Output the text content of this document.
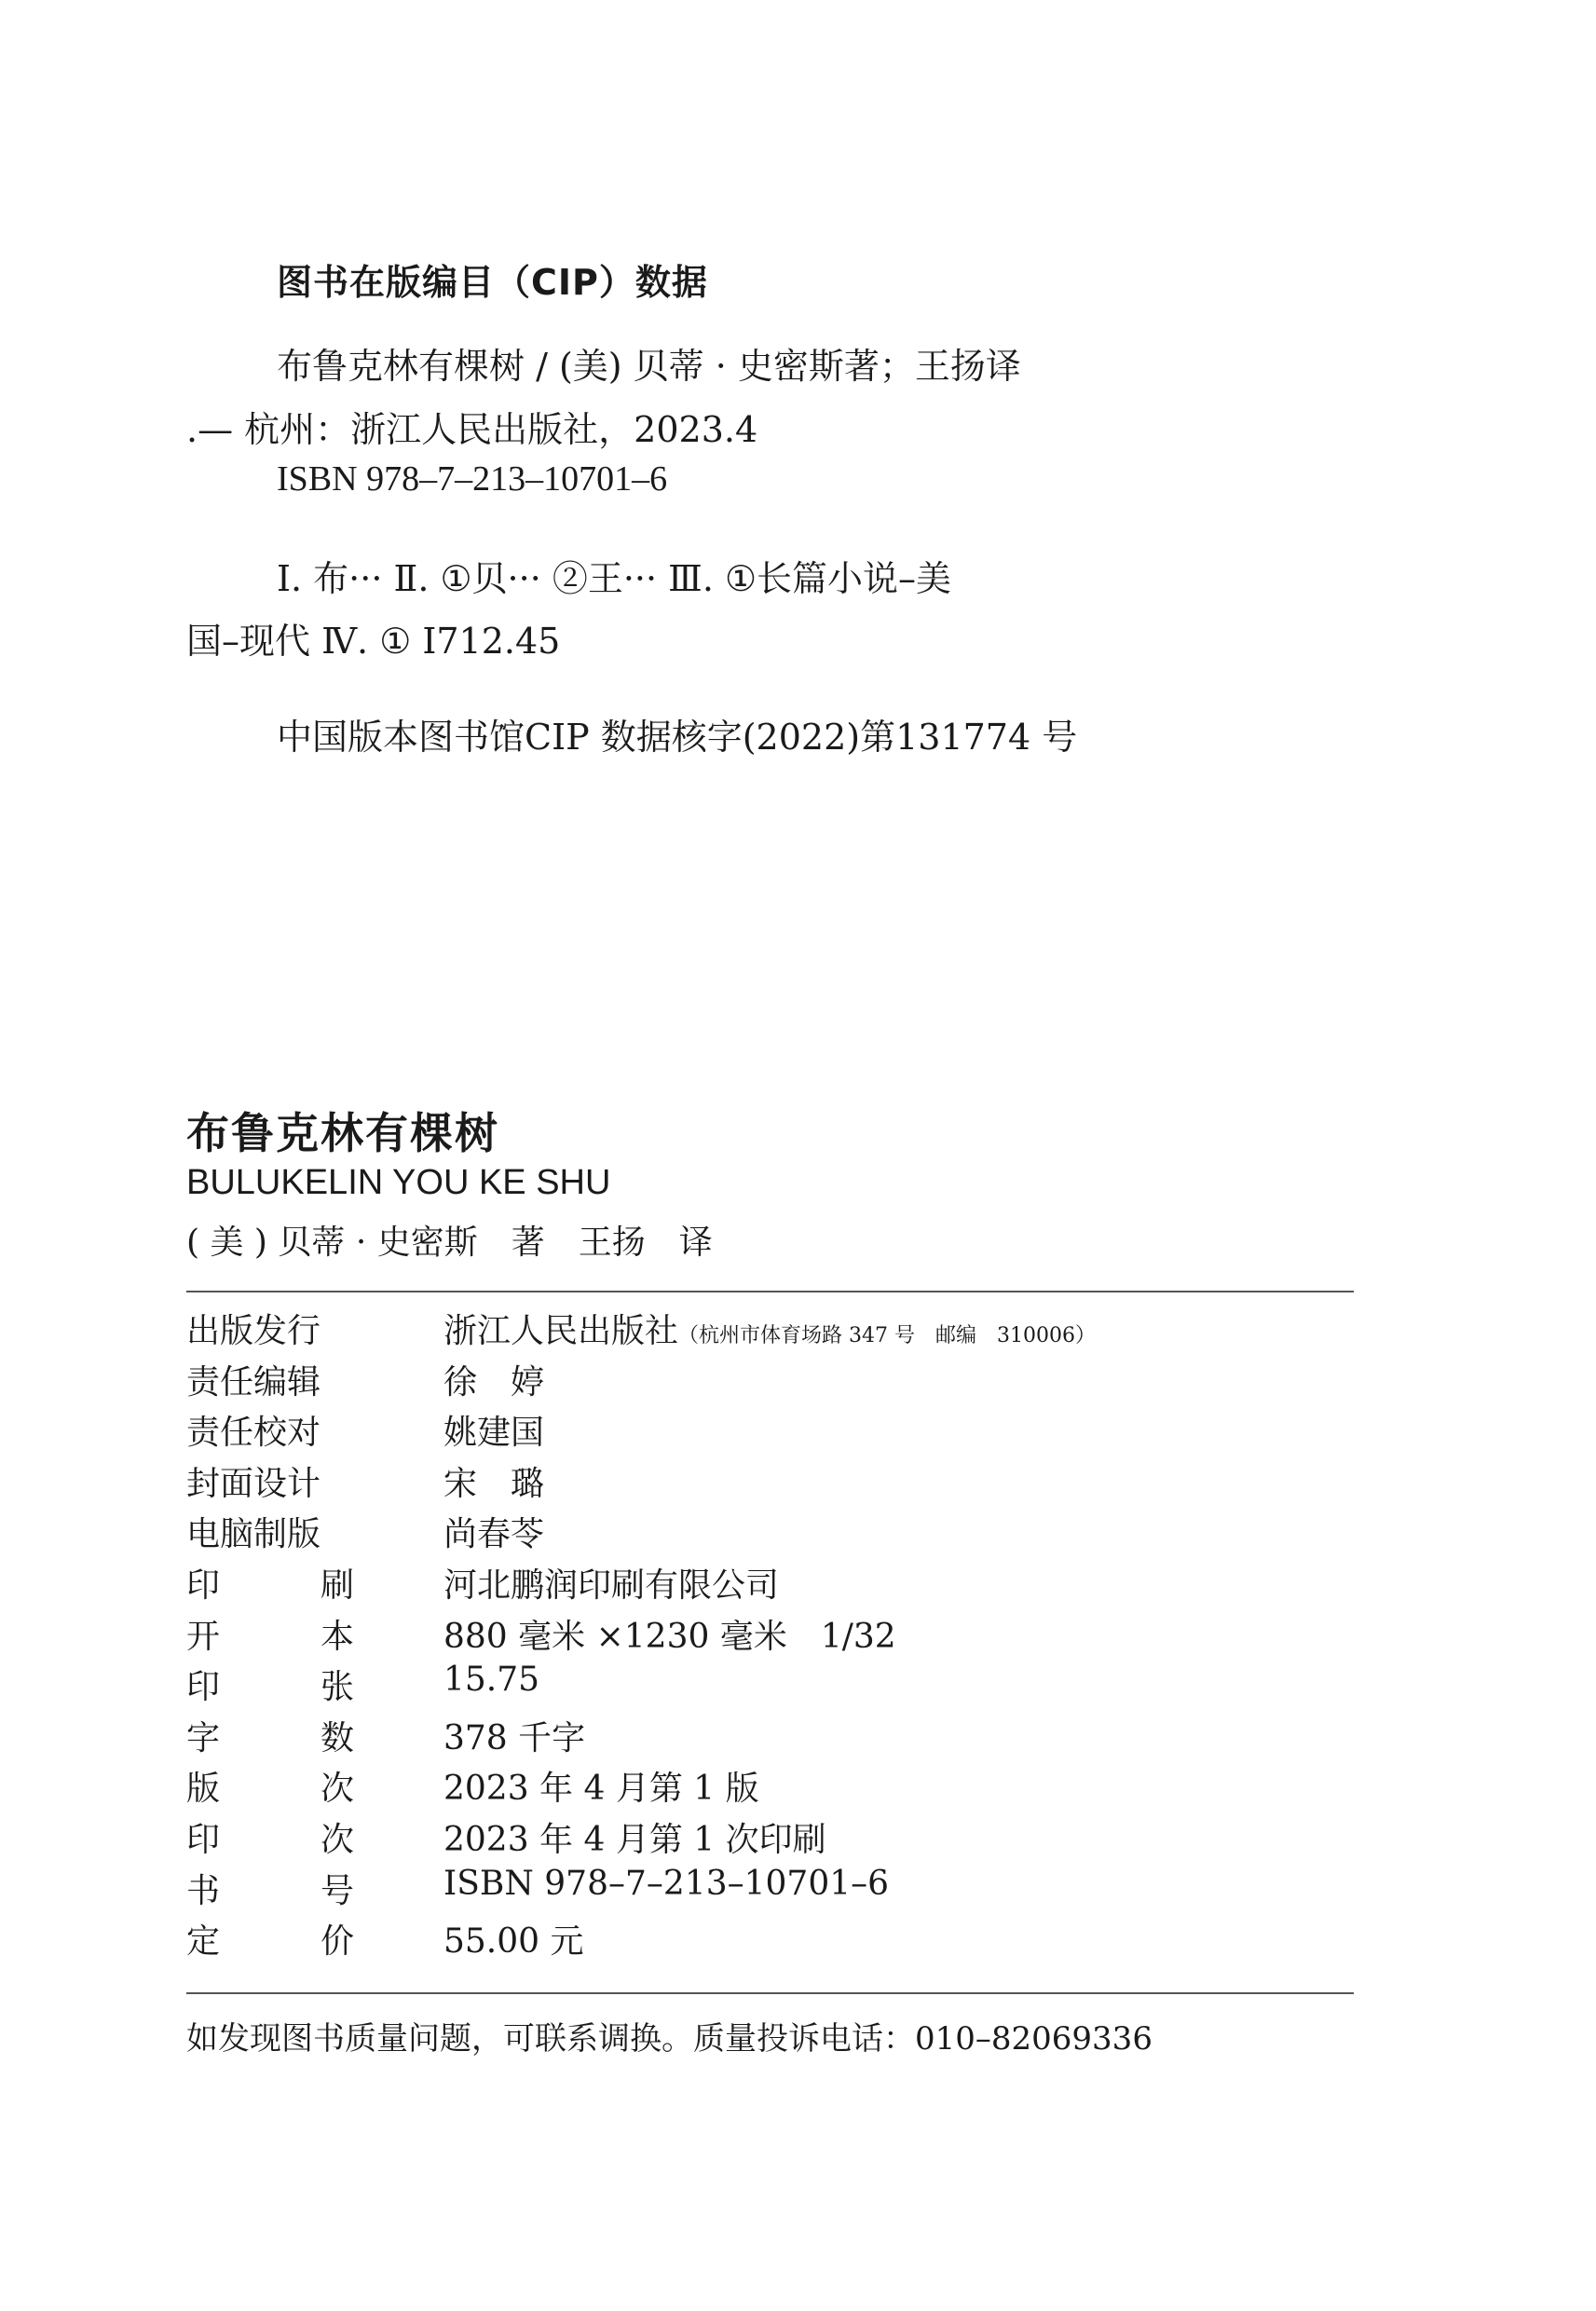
图书在版编目（CIP）数据
布鲁克林有棵树 / (美) 贝蒂 · 史密斯著；王扬译
.— 杭州：浙江人民出版社，2023.4
ISBN 978–7–213–10701–6
Ⅰ. 布··· Ⅱ. ①贝··· ②王··· Ⅲ. ①长篇小说–美
国–现代 Ⅳ. ① I712.45
中国版本图书馆CIP 数据核字(2022)第131774 号
布鲁克林有棵树
BULUKELIN YOU KE SHU
( 美 ) 贝蒂 · 史密斯　著　王扬　译
出版发行	浙江人民出版社（杭州市体育场路 347 号　邮编　310006）
责任编辑	徐　婷
责任校对	姚建国
封面设计	宋　璐
电脑制版	尚春苓
印	刷	河北鹏润印刷有限公司
开	本	880 毫米 ×1230 毫米　1/32
印	张	15.75
字	数	378 千字
版	次	2023 年 4 月第 1 版
印	次	2023 年 4 月第 1 次印刷
书	号	ISBN 978–7–213–10701–6
定	价	55.00 元
如发现图书质量问题，可联系调换。质量投诉电话：010–82069336
